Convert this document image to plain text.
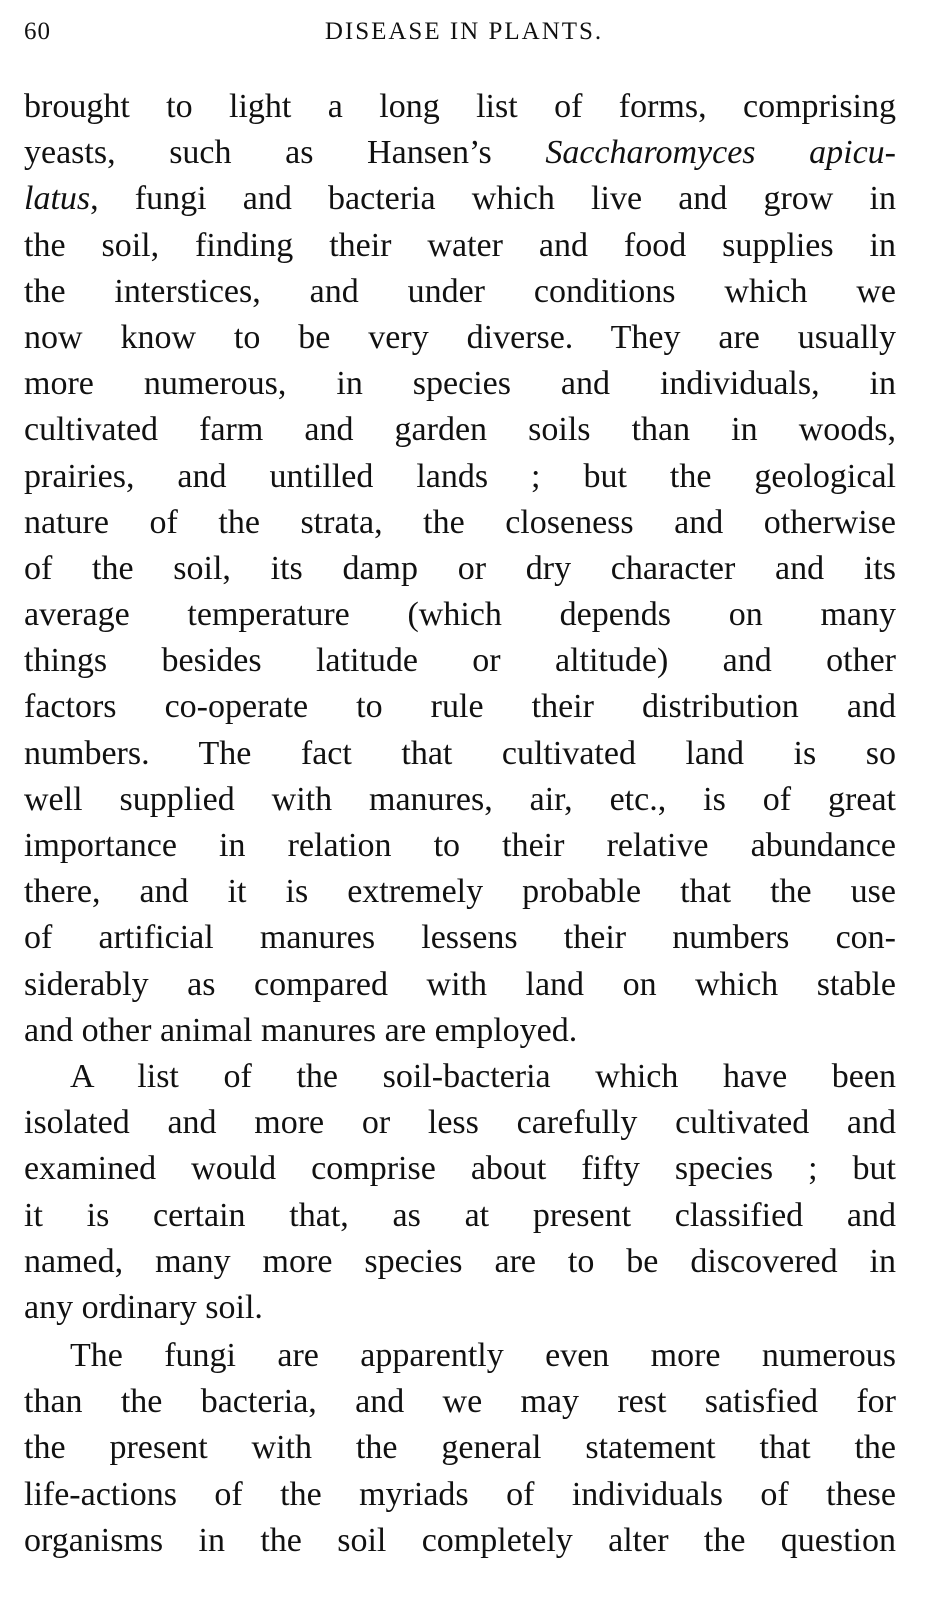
60	DISEASE IN PLANTS.
brought to light a long list of forms, comprising
yeasts, such as Hansen’s Saccharomyces apicu-
latus, fungi and bacteria which live and grow in
the soil, finding their water and food supplies in
the interstices, and under conditions which we
now know to be very diverse. They are usually
more numerous, in species and individuals, in
cultivated farm and garden soils than in woods,
prairies, and untilled lands ; but the geological
nature of the strata, the closeness and otherwise
of the soil, its damp or dry character and its
average temperature (which depends on many
things besides latitude or altitude) and other
factors co-operate to rule their distribution and
numbers. The fact that cultivated land is so
well supplied with manures, air, etc., is of great
importance in relation to their relative abundance
there, and it is extremely probable that the use
of artificial manures lessens their numbers con-
siderably as compared with land on which stable
and other animal manures are employed.
A list of the soil-bacteria which have been
isolated and more or less carefully cultivated and
examined would comprise about fifty species ; but
it is certain that, as at present classified and
named, many more species are to be discovered in
any ordinary soil.
The fungi are apparently even more numerous
than the bacteria, and we may rest satisfied for
the present with the general statement that the
life-actions of the myriads of individuals of these
organisms in the soil completely alter the question
